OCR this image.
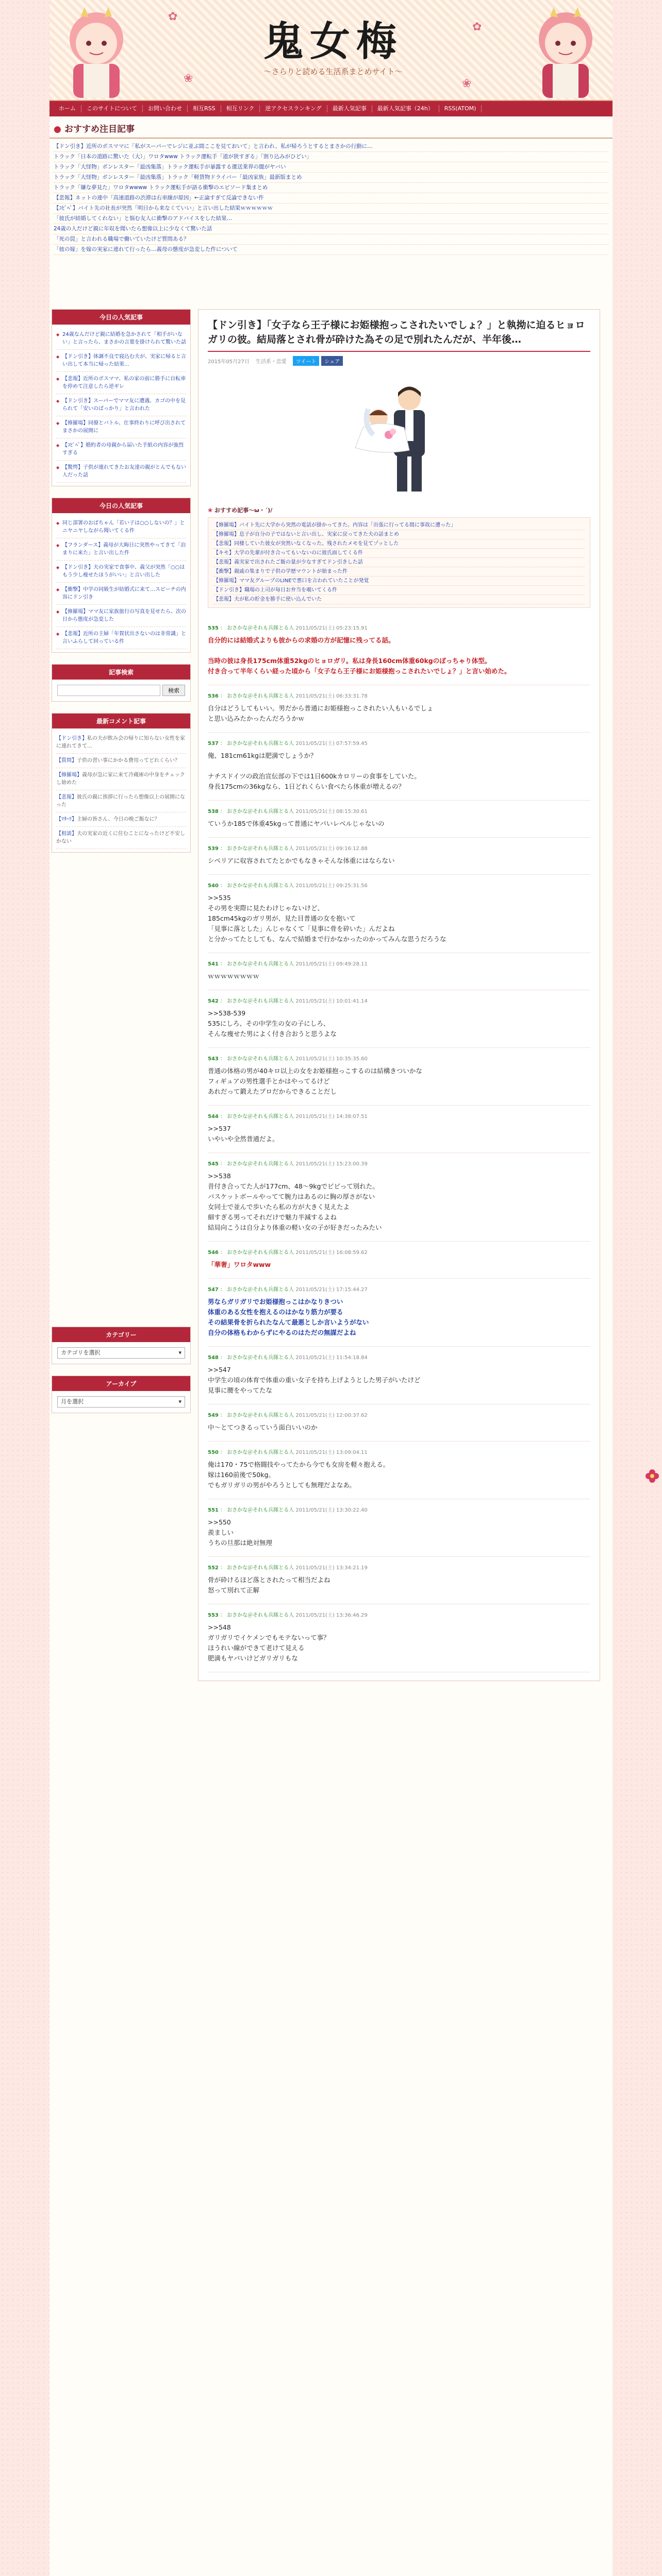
✿
✿
❀	❀
鬼女梅
〜さらりと読める生活系まとめサイト〜
ホーム	このサイトについて	お問い合わせ	相互RSS	相互リンク	逆アクセスランキング	最新人気記事	最新人気記事（24h）	RSS(ATOM)
● おすすめ注目記事
【ドン引き】近所のボスママに「私がスーパーでレジに並ぶ間ここを見ておいて」と言われ、私が帰ろうとするとまさかの行動に…
トラック「日本の道路に驚いた（大）」ワロタwww トラック運転手「道が狭すぎる」「割り込みがひどい」
トラック「大怪物」ボンレスター「最凶集落」トラック運転手が暴露する運送業界の闇がヤバい
トラック「大怪物」ボンレスター「最凶集落」トラック「軽貨物ドライバー「最凶家族」最新版まとめ
トラック「嫌な夢見た」ワロタwwww トラック運転手が語る衝撃のエピソード集まとめ
【悲報】ネットの連中「高速道路の渋滞は右車線が原因」←正論すぎて反論できない件
【ｺﾋﾟﾍﾟ】バイト先の社長が突然「明日から来なくていい」と言い出した結果ｗｗｗｗｗｗ
「彼氏が結婚してくれない」と悩む友人に衝撃のアドバイスをした結果…
24歳の人だけど親に年収を聞いたら想像以上に少なくて驚いた話
「死の罠」と言われる職場で働いていたけど質問ある？
「彼の嫁」を嫁の実家に連れて行ったら…義母の態度が急変した件について
今日の人気記事
◆ 24歳なんだけど親に結婚を急かされて「相手がいない」と言ったら、まさかの言葉を掛けられて驚いた話
◆ 【ドン引き】体調不良で寝込む夫が、実家に帰ると言い出して本当に帰った結果…
◆ 【悲報】近所のボスママ、私の家の前に勝手に自転車を停めて注意したら逆ギレ
◆ 【ドン引き】スーパーでママ友に遭遇。カゴの中を見られて「安いのばっかり」と言われた
◆ 【修羅場】同僚とバトル、仕事終わりに呼び出されてまさかの展開に
◆ 【ｺﾋﾟﾍﾟ】婚約者の母親から届いた手紙の内容が強烈すぎる
◆ 【驚愕】子供が連れてきたお友達の親がとんでもない人だった話
今日の人気記事
◆ 同じ部署のおばちゃん「若い子は○○しないの？」とニヤニヤしながら聞いてくる件
◆ 【フランダース】義母が大晦日に突然やってきて「泊まりに来た」と言い出した件
◆ 【ドン引き】夫の実家で食事中、義父が突然「○○はもう少し痩せたほうがいい」と言い出した
◆ 【衝撃】中学の同級生が結婚式に来て…スピーチの内容にドン引き
◆ 【修羅場】ママ友に家族旅行の写真を見せたら、次の日から態度が急変した
◆ 【悲報】近所の主婦「年賀状出さないのは非常識」と言いふらして回っている件
記事検索
検索
最新コメント記事
【ドン引き】私の夫が飲み会の帰りに知らない女性を家に連れてきて…
【質問】子供の習い事にかかる費用ってどれくらい？
【修羅場】義母が急に家に来て冷蔵庫の中身をチェックし始めた
【悲報】彼氏の親に挨拶に行ったら想像以上の展開になった
【ﾏﾀｰﾘ】主婦の皆さん、今日の晩ご飯なに？
【相談】夫の実家の近くに住むことになったけど不安しかない
カテゴリー
カテゴリを選択 ▾
アーカイブ
月を選択 ▾
【ドン引き】「女子なら王子様にお姫様抱っこされたいでしょ？」と執拗に迫るヒョロガリの彼。結局落とされ骨が砕けた為その足で別れたんだが、半年後…
2015年05月27日 生活系・恋愛	ツイート	シェア
❀ おすすめ記事〜ω・´)/
【修羅場】バイト先に大学から突然の電話が掛かってきた。内容は「出張に行ってる間に事故に遭った」
【修羅場】息子が自分の子ではないと言い出し、実家に戻ってきた夫の話まとめ
【悲報】同棲していた彼女が突然いなくなった。残されたメモを見てゾッとした
【キモ】大学の先輩が付き合ってもいないのに彼氏面してくる件
【悲報】義実家で出されたご飯の量が少なすぎてドン引きした話
【衝撃】親戚の集まりで子供の学歴マウントが始まった件
【修羅場】ママ友グループのLINEで悪口を言われていたことが発覚
【ドン引き】職場の上司が毎日お弁当を覗いてくる件
【悲報】夫が私の貯金を勝手に使い込んでいた
535 ： おさかな＠それも兵隊とる人 2011/05/21(土) 05:23:15.91
自分的には結婚式よりも彼からの求婚の方が記憶に残ってる話。

当時の彼は身長175cm体重52kgのヒョロガリ。私は身長160cm体重60kgのぽっちゃり体型。
付き合って半年くらい経った頃から「女子なら王子様にお姫様抱っこされたいでしょ？」と言い始めた。
536 ： おさかな＠それも兵隊とる人 2011/05/21(土) 06:33:31.78
自分はどうしてもいい。男だから普通にお姫様抱っこされたい人もいるでしょ
と思い込みたかったんだろうかｗ
537 ： おさかな＠それも兵隊とる人 2011/05/21(土) 07:57:59.45
俺、181cm61kgは肥満でしょうか？

ナチスドイツの政治宣伝部の下では1日600kカロリーの食事をしていた。
身長175cmの36kgなら、1日どれくらい食べたら体重が増えるの？
538 ： おさかな＠それも兵隊とる人 2011/05/21(土) 08:15:30.61
ていうか185で体重45kgって普通にヤバいレベルじゃないの
539 ： おさかな＠それも兵隊とる人 2011/05/21(土) 09:16:12.88
シベリアに収容されてたとかでもなきゃそんな体重にはならない
540 ： おさかな＠それも兵隊とる人 2011/05/21(土) 09:25:31.56
>>535
その男を実際に見たわけじゃないけど、
185cm45kgのガリ男が、見た目普通の女を抱いて
「見事に落とした」んじゃなくて「見事に骨を砕いた」んだよね
と分かってたとしても、なんで結婚まで行かなかったのかってみんな思うだろうな
541 ： おさかな＠それも兵隊とる人 2011/05/21(土) 09:49:28.11
ｗｗｗｗｗｗｗｗ
542 ： おさかな＠それも兵隊とる人 2011/05/21(土) 10:01:41.14
>>538-539
535にしろ、その中学生の女の子にしろ、
そんな痩せた男によく付き合おうと思うよな
543 ： おさかな＠それも兵隊とる人 2011/05/21(土) 10:35:35.60
普通の体格の男が40キロ以上の女をお姫様抱っこするのは結構きついかな
フィギュアの男性選手とかはやってるけど
あれだって鍛えたプロだからできることだし
544 ： おさかな＠それも兵隊とる人 2011/05/21(土) 14:38:07.51
>>537
いやいや全然普通だよ。
545 ： おさかな＠それも兵隊とる人 2011/05/21(土) 15:23:00.39
>>538
昔付き合ってた人が177cm、48〜9kgでビビって別れた。
バスケットボールやってて腕力はあるのに胸の厚さがない
女同士で並んで歩いたら私の方が大きく見えたよ
細すぎる男ってそれだけで魅力半減するよね
結局向こうは自分より体重の軽い女の子が好きだったみたい
546 ： おさかな＠それも兵隊とる人 2011/05/21(土) 16:08:59.62
「華奢」ワロタwww
547 ： おさかな＠それも兵隊とる人 2011/05/21(土) 17:15:44.27
男ならガリガリでお姫様抱っこはかなりきつい
体重のある女性を抱えるのはかなり筋力が要る
その結果骨を折られたなんて最悪としか言いようがない
自分の体格もわからずにやるのはただの無謀だよね
548 ： おさかな＠それも兵隊とる人 2011/05/21(土) 11:54:18.84
>>547
中学生の頃の体育で体重の重い女子を持ち上げようとした男子がいたけど
見事に腰をやってたな
549 ： おさかな＠それも兵隊とる人 2011/05/21(土) 12:00:37.62
中〜とてつきるっていう面白いいのか
550 ： おさかな＠それも兵隊とる人 2011/05/21(土) 13:09:04.11
俺は170・75で格闘技やってたから今でも女房を軽々抱える。
嫁は160前後で50kg。
でもガリガリの男がやろうとしても無理だよなあ。
551 ： おさかな＠それも兵隊とる人 2011/05/21(土) 13:30:22.40
>>550
羨ましい
うちの旦那は絶対無理
552 ： おさかな＠それも兵隊とる人 2011/05/21(土) 13:34:21.19
骨が砕けるほど落とされたって相当だよね
怒って別れて正解
553 ： おさかな＠それも兵隊とる人 2011/05/21(土) 13:36:46.29
>>548
ガリガリでイケメンでもモテないって事？
ほうれい線ができて老けて見える
肥満もヤバいけどガリガリもな
